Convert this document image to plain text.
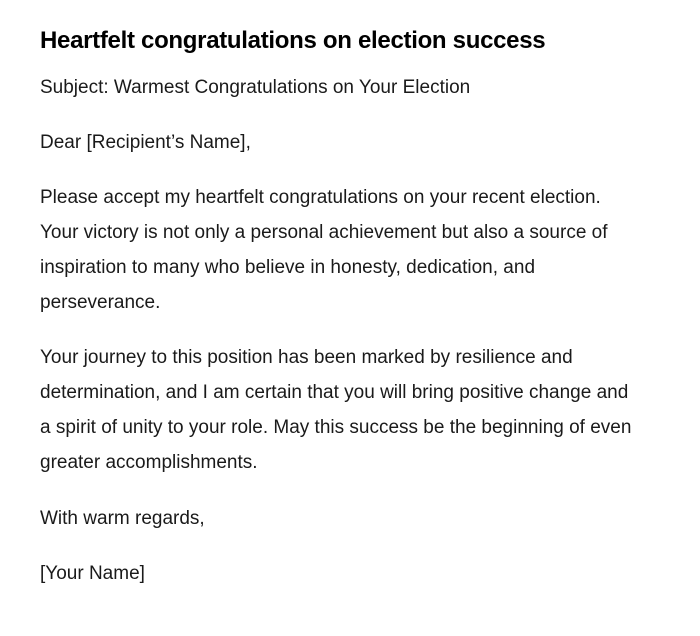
Heartfelt congratulations on election success

Subject: Warmest Congratulations on Your Election

Dear [Recipient’s Name],

Please accept my heartfelt congratulations on your recent election. Your victory is not only a personal achievement but also a source of inspiration to many who believe in honesty, dedication, and perseverance.

Your journey to this position has been marked by resilience and determination, and I am certain that you will bring positive change and a spirit of unity to your role. May this success be the beginning of even greater accomplishments.

With warm regards,

[Your Name]
